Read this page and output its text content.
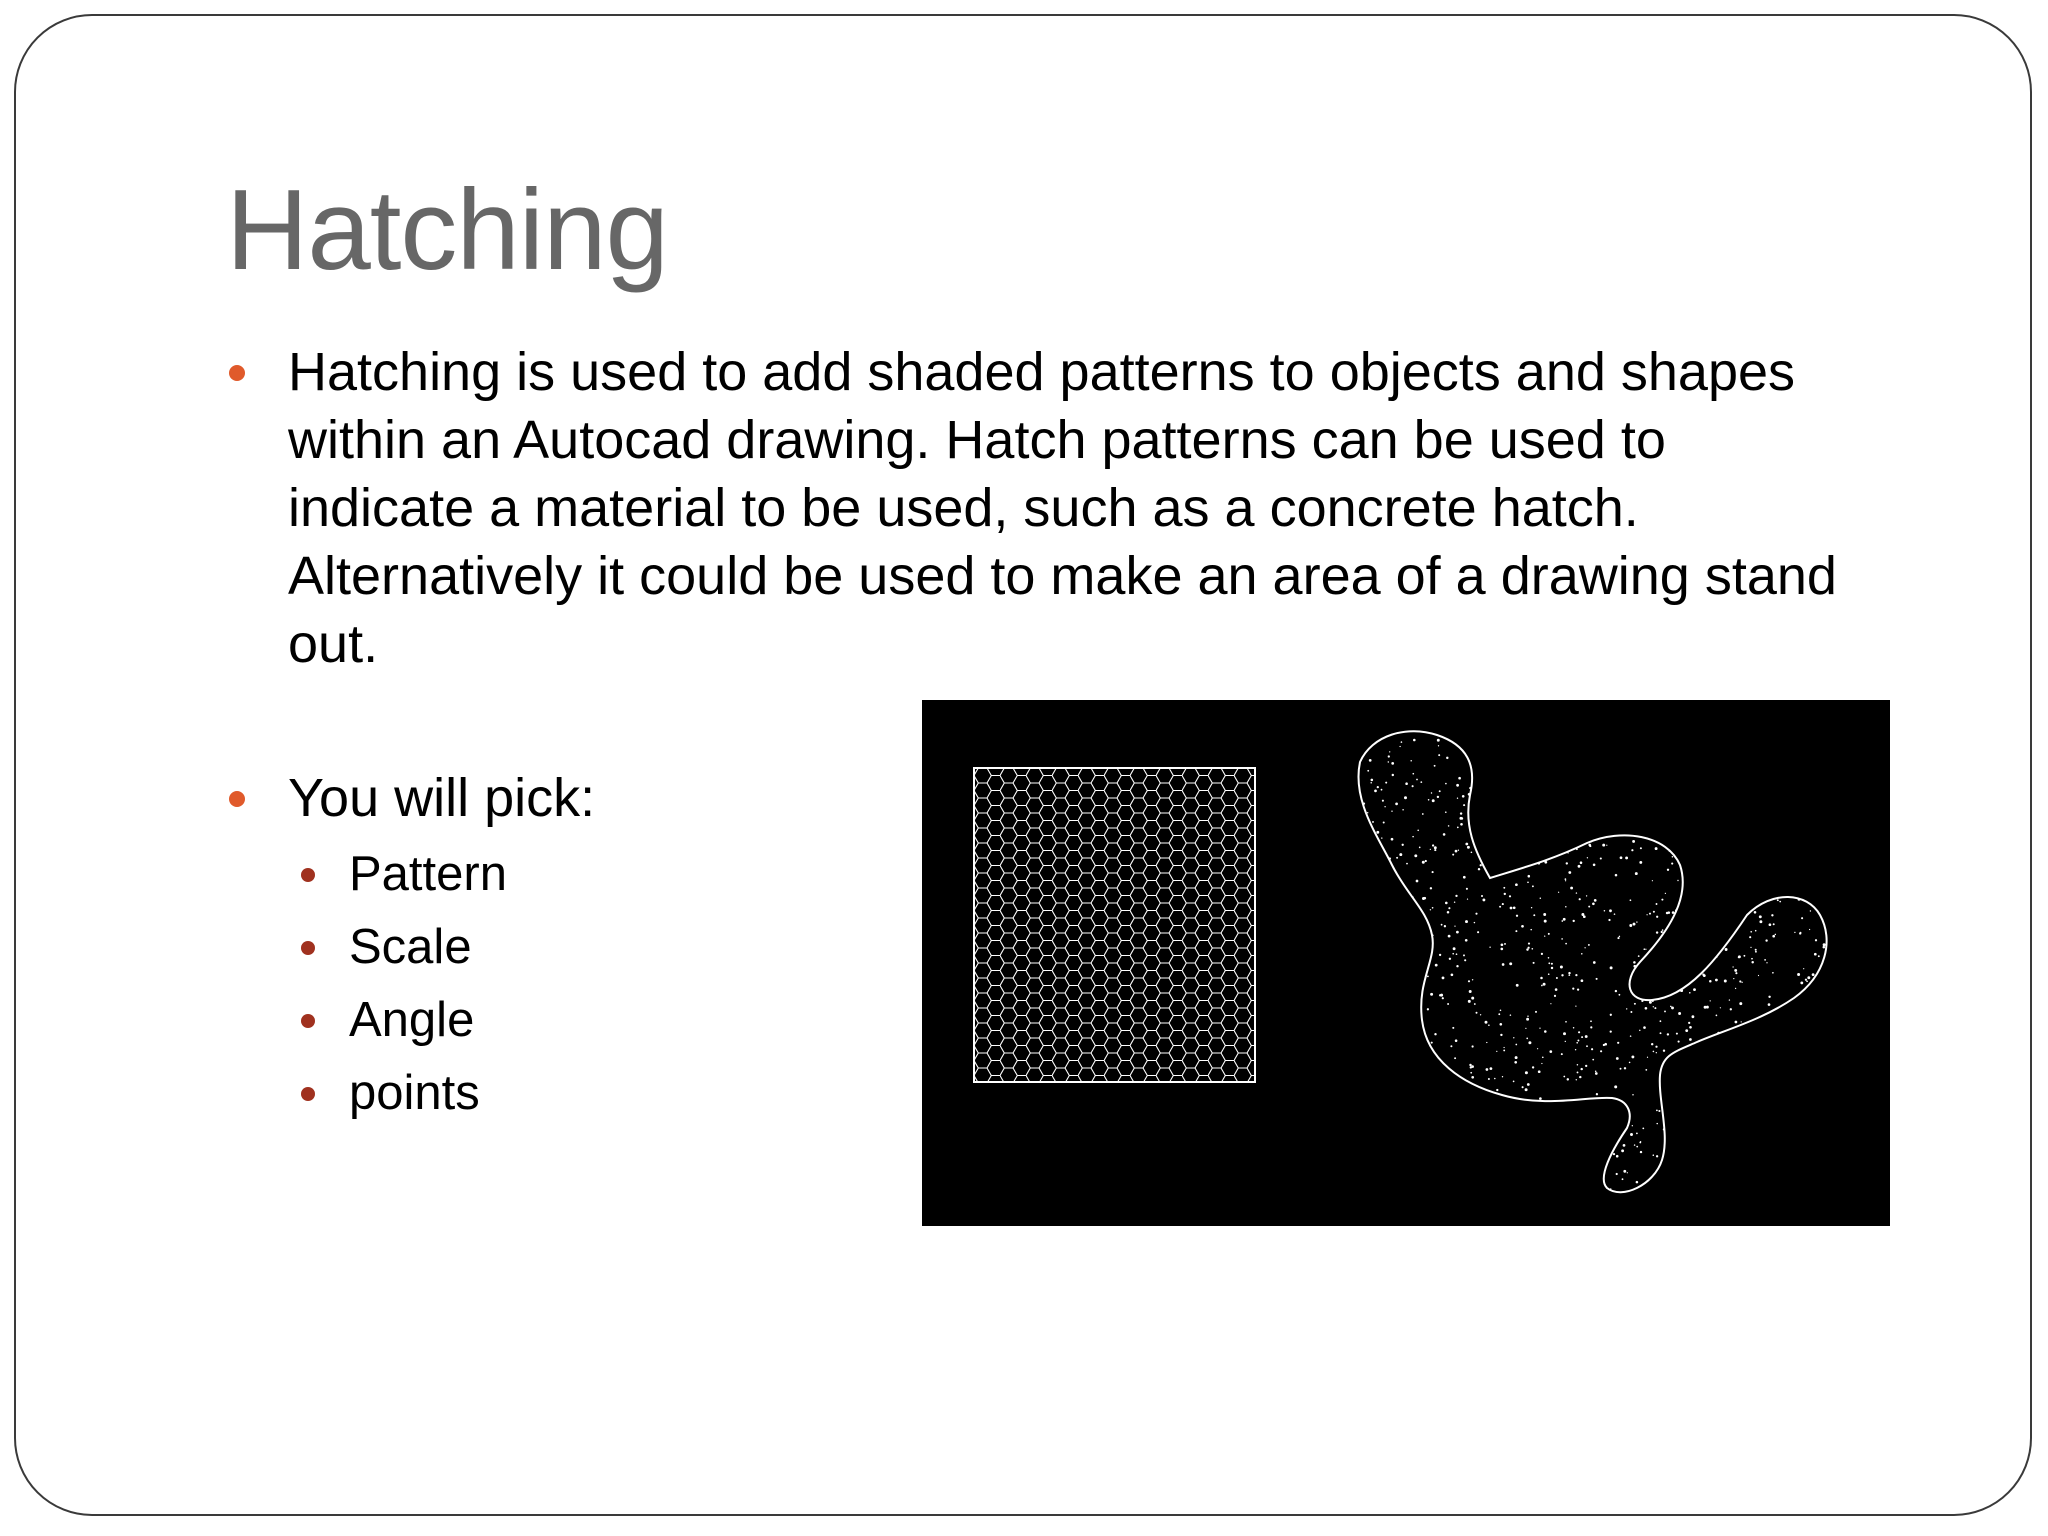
Hatching
Hatching is used to add shaded patterns to objects and shapes
within an Autocad drawing. Hatch patterns can be used to
indicate a material to be used, such as a concrete hatch.
Alternatively it could be used to make an area of a drawing stand
out.
You will pick:
Pattern
Scale
Angle
points
